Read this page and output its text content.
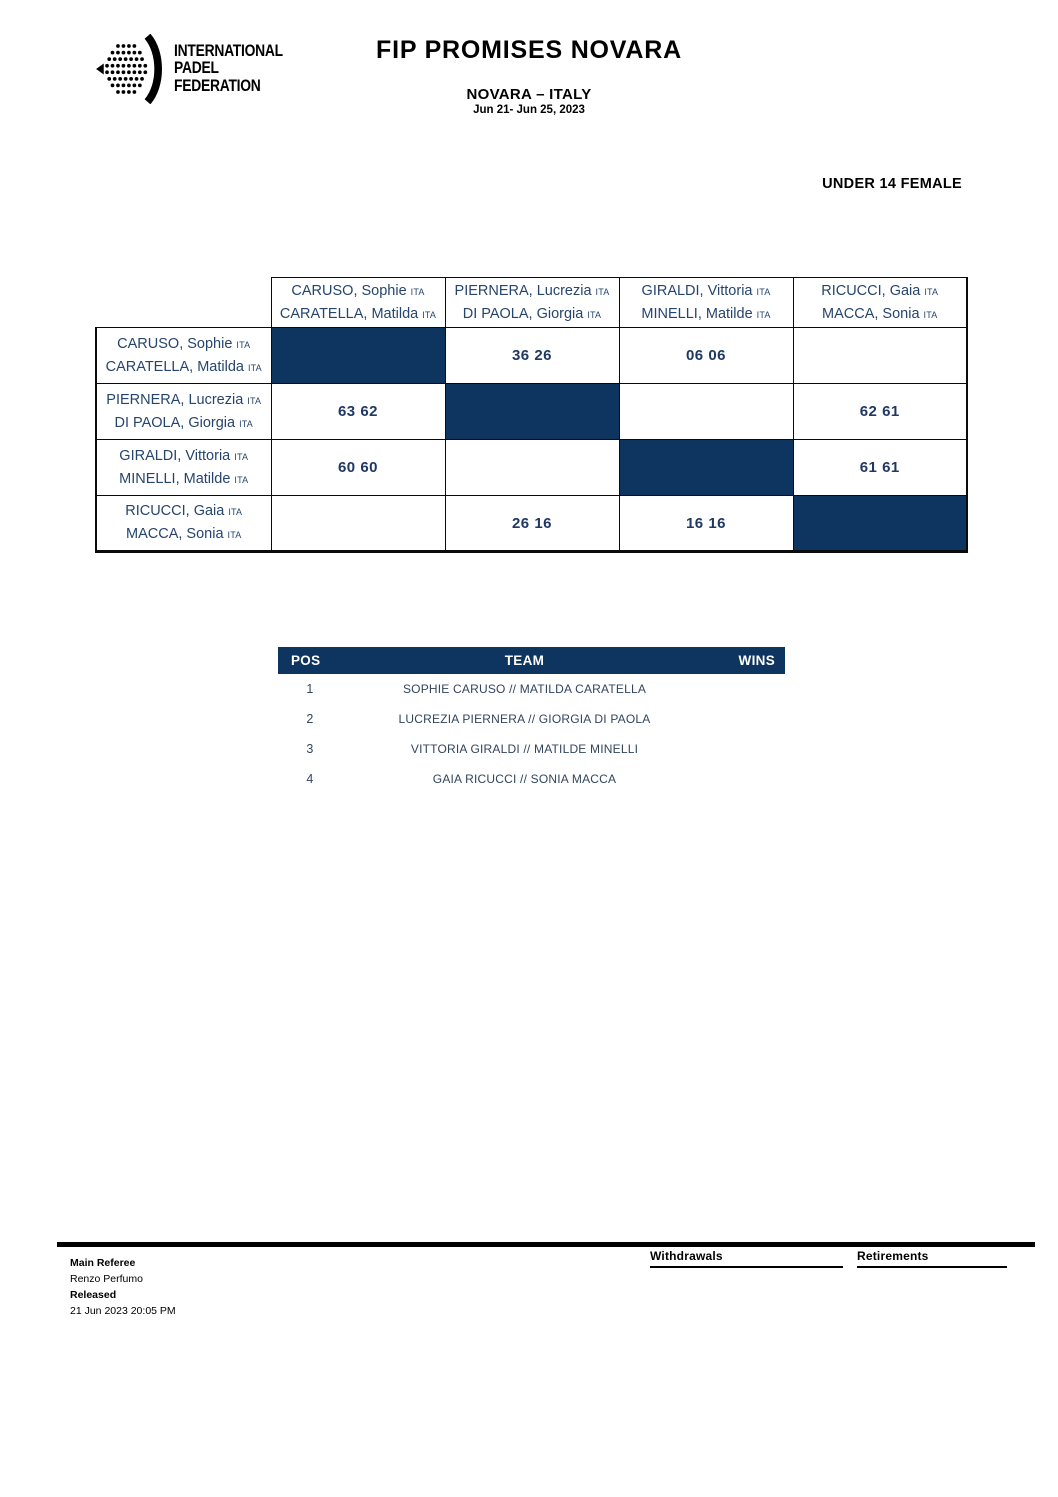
INTERNATIONAL
PADEL
FEDERATION
FIP PROMISES NOVARA
NOVARA – ITALY
Jun 21- Jun 25, 2023
UNDER 14 FEMALE

CARUSO, Sophie ITA
CARATELLA, Matilda ITA

PIERNERA, Lucrezia ITA
DI PAOLA, Giorgia ITA

GIRALDI, Vittoria ITA
MINELLI, Matilde ITA

RICUCCI, Gaia ITA
MACCA, Sonia ITA

CARUSO, Sophie ITA
CARATELLA, Matilda ITA		36 26	06 06	

PIERNERA, Lucrezia ITA
DI PAOLA, Giorgia ITA	63 62			62 61

GIRALDI, Vittoria ITA
MINELLI, Matilde ITA	60 60			61 61

RICUCCI, Gaia ITA
MACCA, Sonia ITA		26 16	16 16	
POS	TEAM	WINS
1	SOPHIE CARUSO // MATILDA CARATELLA
2	LUCREZIA PIERNERA // GIORGIA DI PAOLA
3	VITTORIA GIRALDI // MATILDE MINELLI
4	GAIA RICUCCI // SONIA MACCA
Main Referee
Renzo Perfumo
Released
21 Jun 2023 20:05 PM
Withdrawals	Retirements
